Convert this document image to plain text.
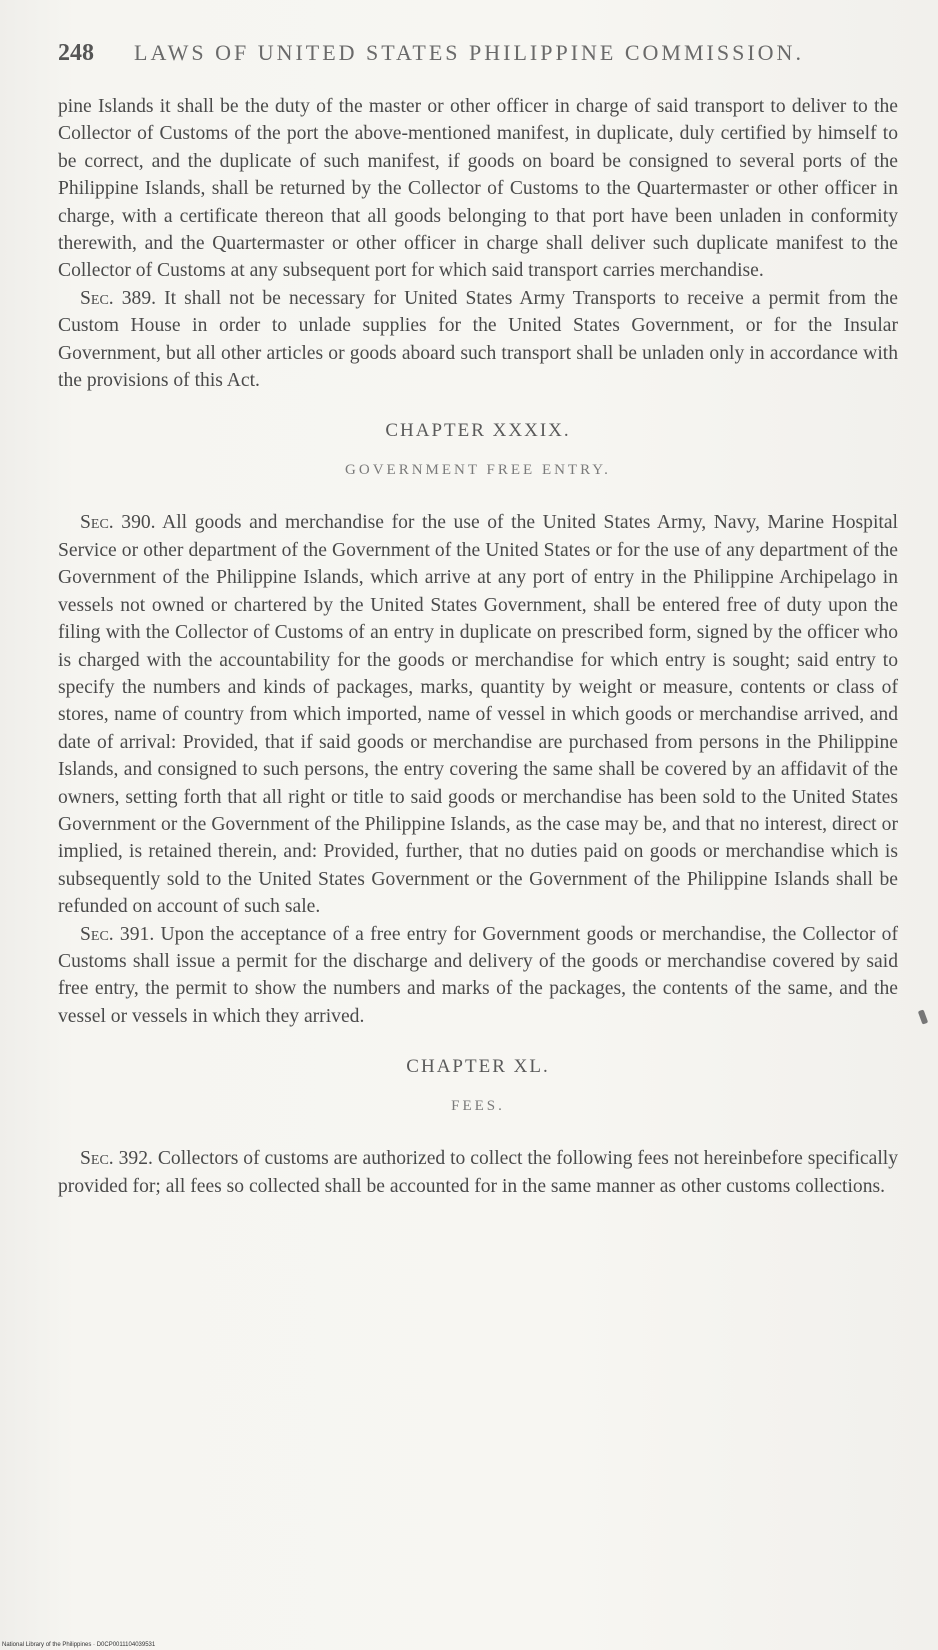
248 LAWS OF UNITED STATES PHILIPPINE COMMISSION.

pine Islands it shall be the duty of the master or other officer in charge of said transport to deliver to the Collector of Customs of the port the above-mentioned manifest, in duplicate, duly certified by himself to be correct, and the duplicate of such manifest, if goods on board be consigned to several ports of the Philippine Islands, shall be returned by the Collector of Customs to the Quartermaster or other officer in charge, with a certificate thereon that all goods belonging to that port have been unladen in conformity therewith, and the Quartermaster or other officer in charge shall deliver such duplicate manifest to the Collector of Customs at any subsequent port for which said transport carries merchandise.

Sec. 389. It shall not be necessary for United States Army Transports to receive a permit from the Custom House in order to unlade supplies for the United States Government, or for the Insular Government, but all other articles or goods aboard such transport shall be unladen only in accordance with the provisions of this Act.

CHAPTER XXXIX.
GOVERNMENT FREE ENTRY.

Sec. 390. All goods and merchandise for the use of the United States Army, Navy, Marine Hospital Service or other department of the Government of the United States or for the use of any department of the Government of the Philippine Islands, which arrive at any port of entry in the Philippine Archipelago in vessels not owned or chartered by the United States Government, shall be entered free of duty upon the filing with the Collector of Customs of an entry in duplicate on prescribed form, signed by the officer who is charged with the accountability for the goods or merchandise for which entry is sought; said entry to specify the numbers and kinds of packages, marks, quantity by weight or measure, contents or class of stores, name of country from which imported, name of vessel in which goods or merchandise arrived, and date of arrival: Provided, that if said goods or merchandise are purchased from persons in the Philippine Islands, and consigned to such persons, the entry covering the same shall be covered by an affidavit of the owners, setting forth that all right or title to said goods or merchandise has been sold to the United States Government or the Government of the Philippine Islands, as the case may be, and that no interest, direct or implied, is retained therein, and: Provided, further, that no duties paid on goods or merchandise which is subsequently sold to the United States Government or the Government of the Philippine Islands shall be refunded on account of such sale.

Sec. 391. Upon the acceptance of a free entry for Government goods or merchandise, the Collector of Customs shall issue a permit for the discharge and delivery of the goods or merchandise covered by said free entry, the permit to show the numbers and marks of the packages, the contents of the same, and the vessel or vessels in which they arrived.

CHAPTER XL.
FEES.

Sec. 392. Collectors of customs are authorized to collect the following fees not hereinbefore specifically provided for; all fees so collected shall be accounted for in the same manner as other customs collections.

National Library of the Philippines · D0CP0011104039531
